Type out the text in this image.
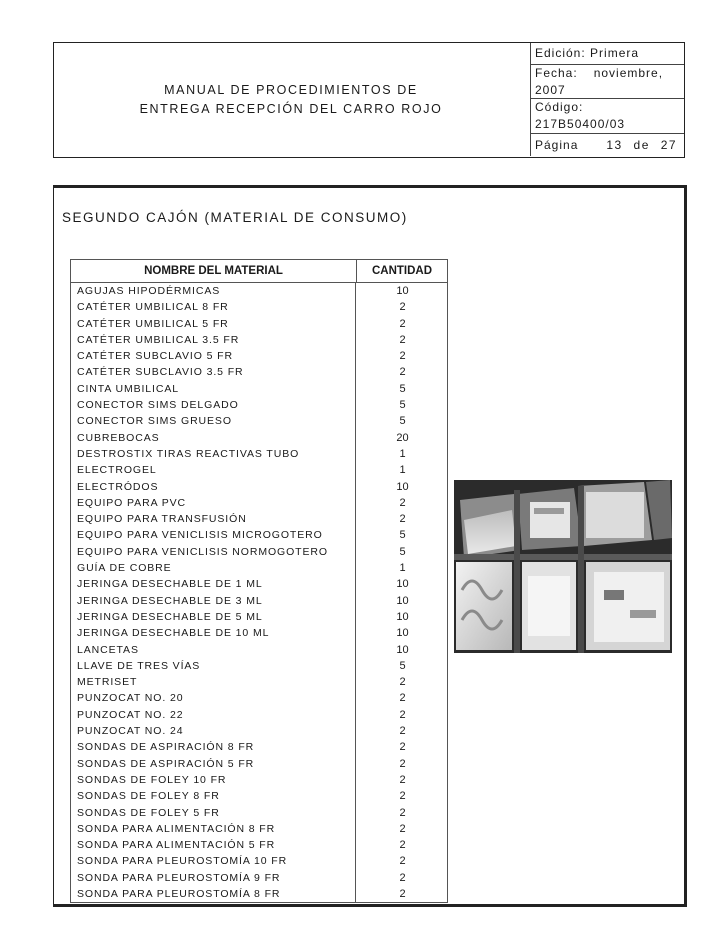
MANUAL DE PROCEDIMIENTOS DE
ENTREGA RECEPCIÓN DEL CARRO ROJO
Edición: Primera
Fecha: noviembre,
2007
Código:
217B50400/03
Página 13 de 27
SEGUNDO CAJÓN (MATERIAL DE CONSUMO)
NOMBRE DEL MATERIAL	CANTIDAD
AGUJAS HIPODÉRMICAS	10
CATÉTER UMBILICAL 8 FR	2
CATÉTER UMBILICAL 5 FR	2
CATÉTER UMBILICAL 3.5 FR	2
CATÉTER SUBCLAVIO 5 FR	2
CATÉTER SUBCLAVIO 3.5 FR	2
CINTA UMBILICAL	5
CONECTOR SIMS DELGADO	5
CONECTOR SIMS GRUESO	5
CUBREBOCAS	20
DESTROSTIX TIRAS REACTIVAS TUBO	1
ELECTROGEL	1
ELECTRÓDOS	10
EQUIPO PARA PVC	2
EQUIPO PARA TRANSFUSIÓN	2
EQUIPO PARA VENICLISIS MICROGOTERO	5
EQUIPO PARA VENICLISIS NORMOGOTERO	5
GUÍA DE COBRE	1
JERINGA DESECHABLE DE 1 ML	10
JERINGA DESECHABLE DE 3 ML	10
JERINGA DESECHABLE DE 5 ML	10
JERINGA DESECHABLE DE 10 ML	10
LANCETAS	10
LLAVE DE TRES VÍAS	5
METRISET	2
PUNZOCAT NO. 20	2
PUNZOCAT NO. 22	2
PUNZOCAT NO. 24	2
SONDAS DE ASPIRACIÓN 8 FR	2
SONDAS DE ASPIRACIÓN 5 FR	2
SONDAS DE FOLEY 10 FR	2
SONDAS DE FOLEY 8 FR	2
SONDAS DE FOLEY 5 FR	2
SONDA PARA ALIMENTACIÓN 8 FR	2
SONDA PARA ALIMENTACIÓN 5 FR	2
SONDA PARA PLEUROSTOMÍA 10 FR	2
SONDA PARA PLEUROSTOMÍA 9 FR	2
SONDA PARA PLEUROSTOMÍA 8 FR	2
